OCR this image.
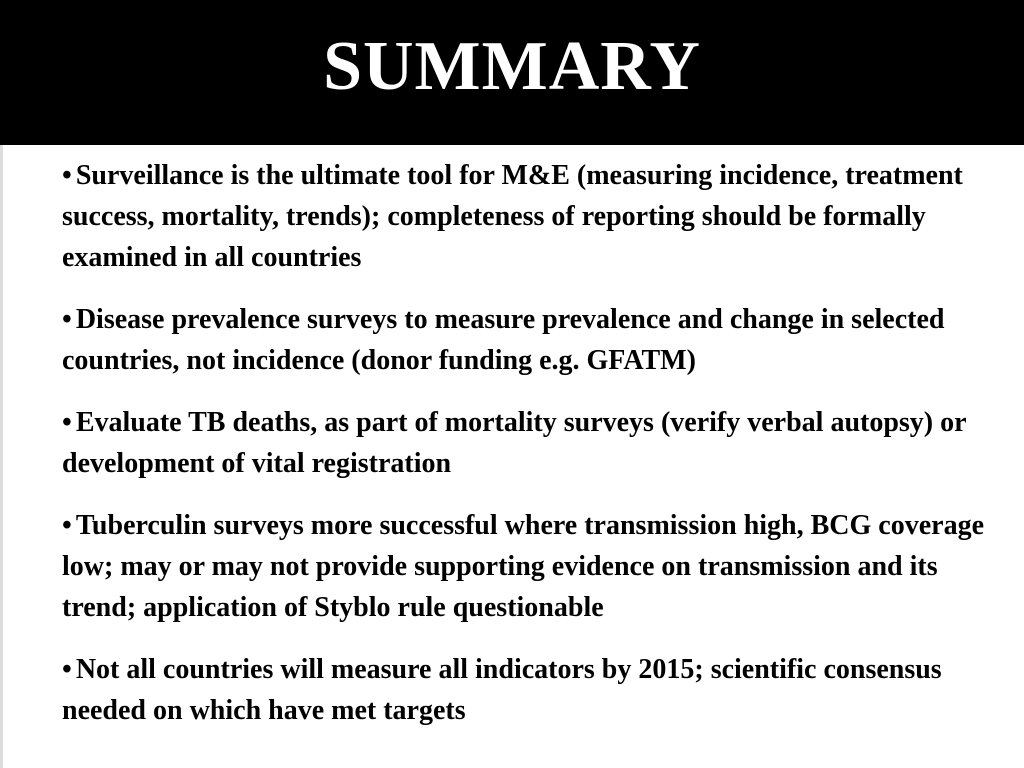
SUMMARY
• Surveillance is the ultimate tool for M&E (measuring incidence, treatment success, mortality, trends); completeness of reporting should be formally examined in all countries
• Disease prevalence surveys to measure prevalence and change in selected countries, not incidence (donor funding e.g. GFATM)
• Evaluate TB deaths, as part of mortality surveys (verify verbal autopsy) or development of vital registration
• Tuberculin surveys more successful where transmission high, BCG coverage low; may or may not provide supporting evidence on transmission and its trend; application of Styblo rule questionable
• Not all countries will measure all indicators by 2015; scientific consensus needed on which have met targets
